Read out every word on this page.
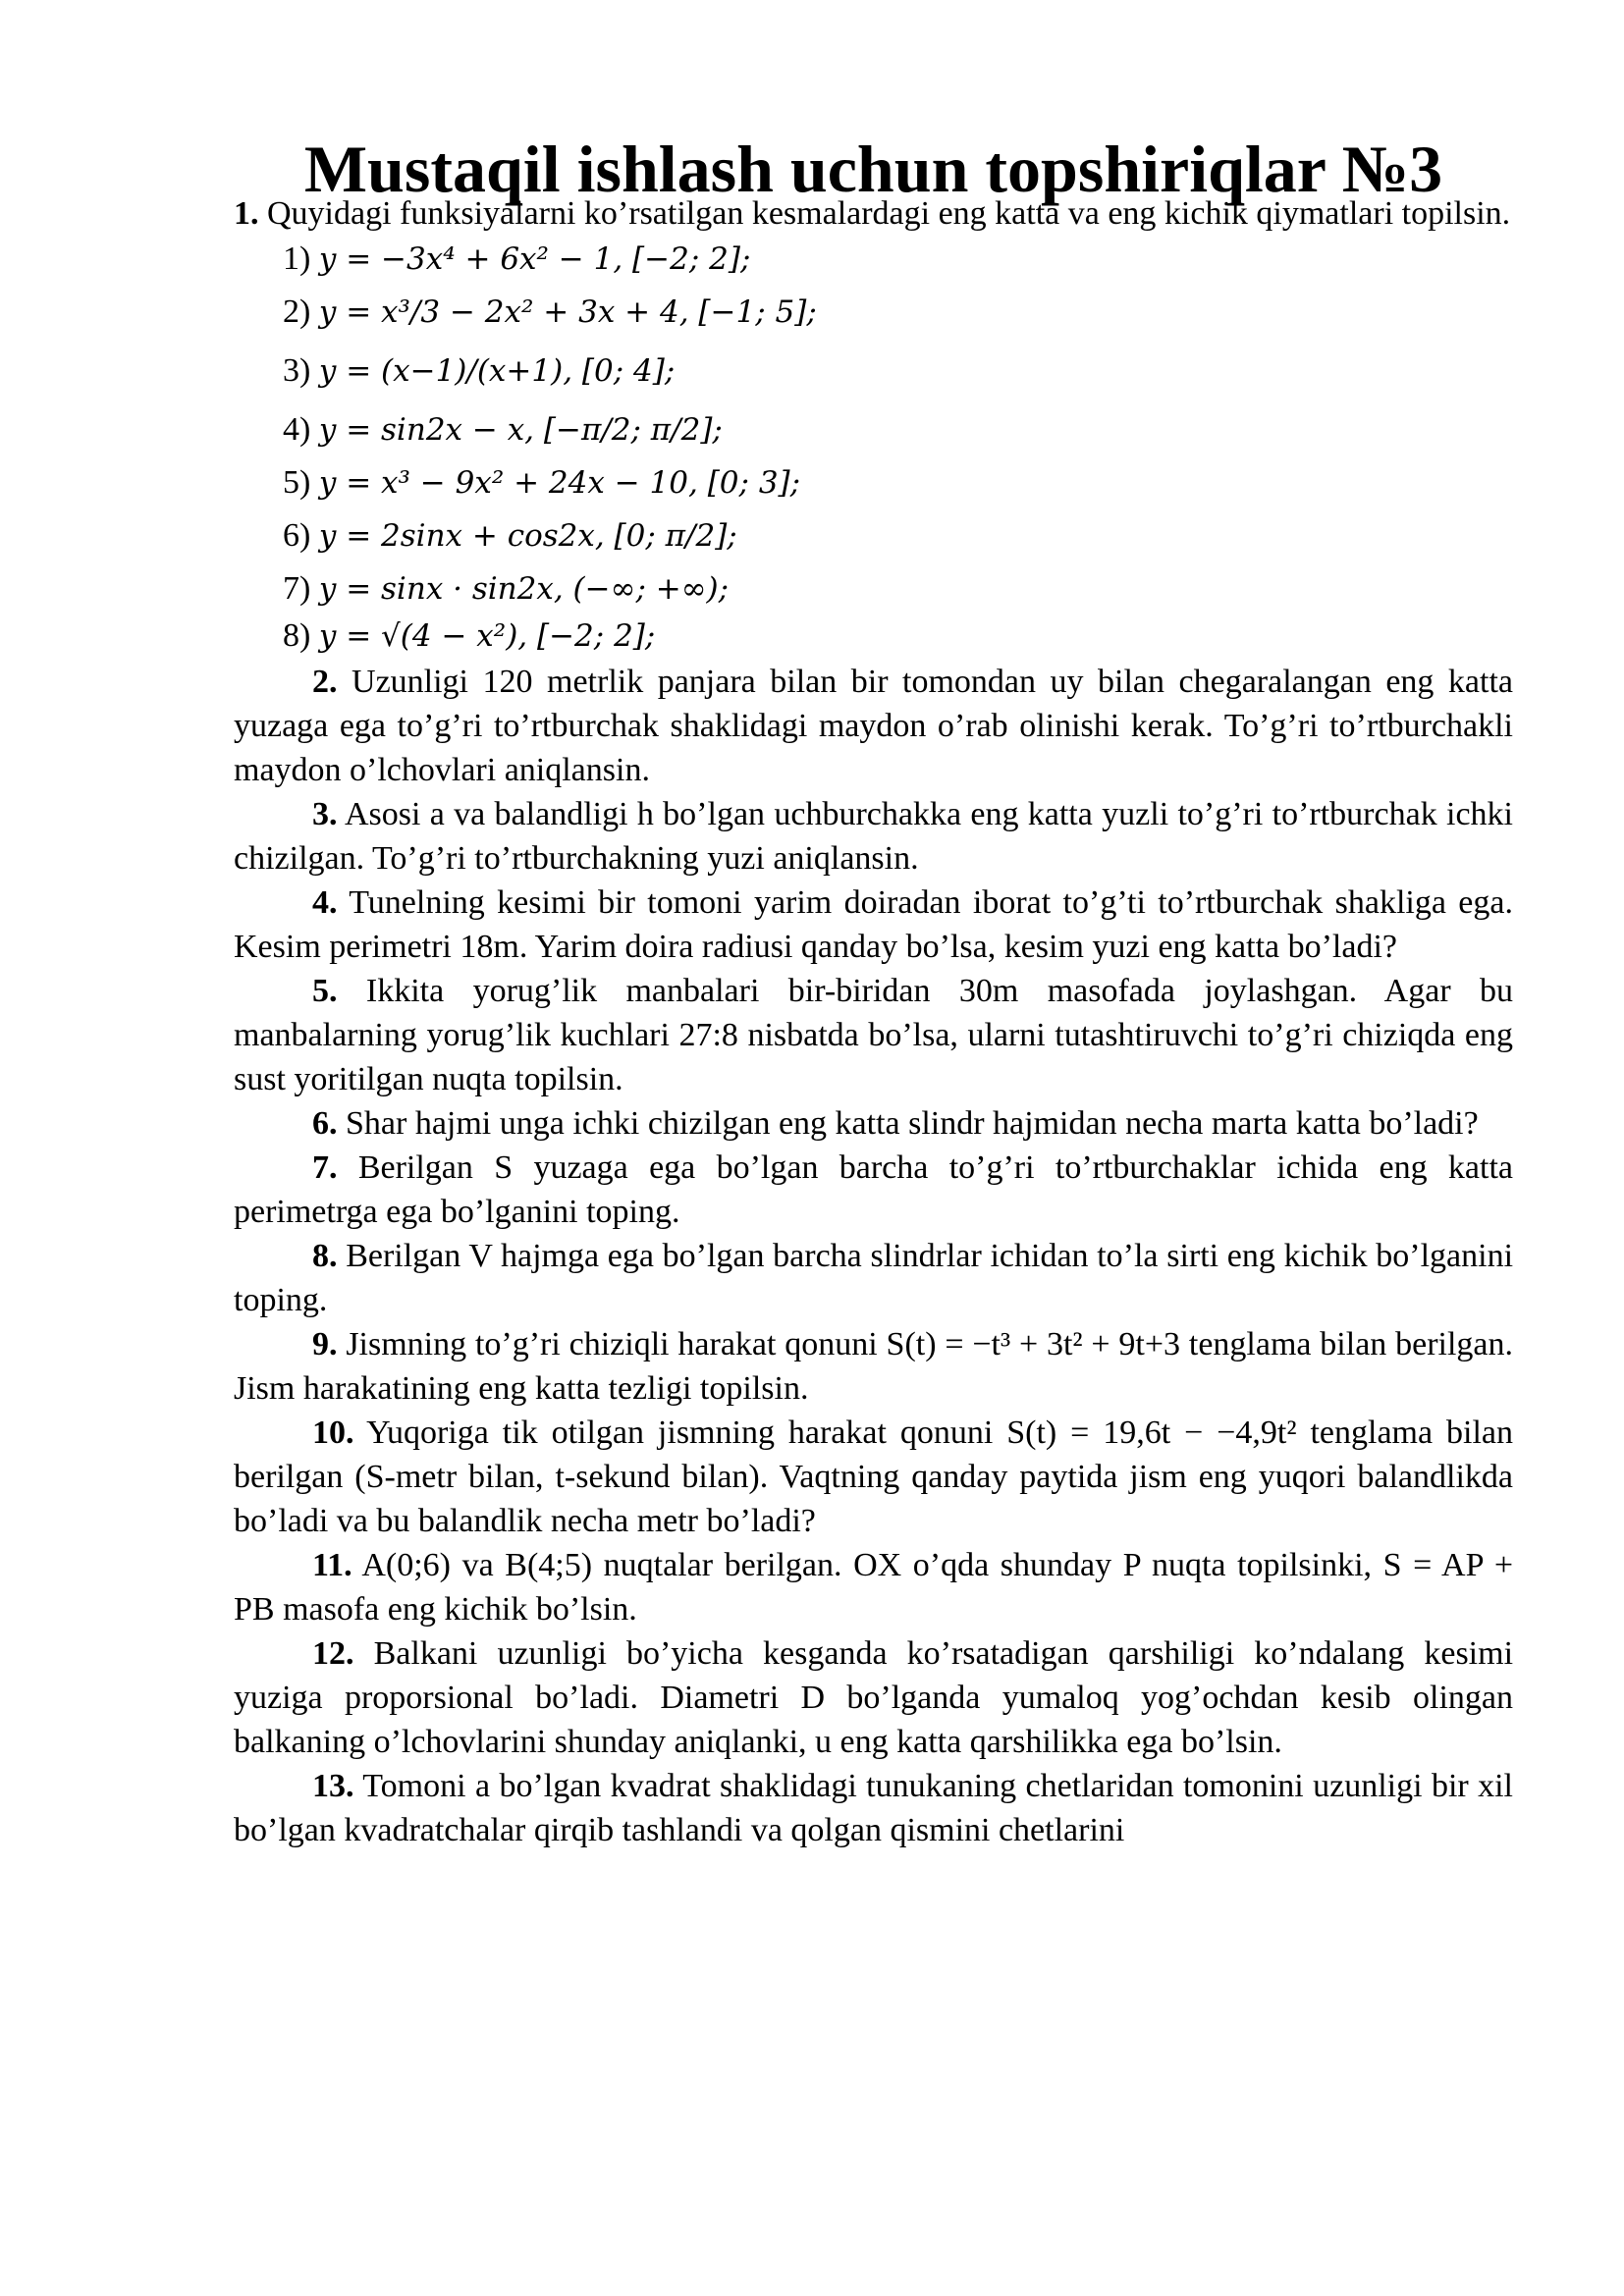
Mustaqil ishlash uchun topshiriqlar №3

1. Quyidagi funksiyalarni ko’rsatilgan kesmalardagi eng katta va eng kichik qiymatlari topilsin.

1) y = −3x⁴ + 6x² − 1, [−2; 2];
2) y = x³/3 − 2x² + 3x + 4, [−1; 5];
3) y = (x−1)/(x+1), [0; 4];
4) y = sin2x − x, [−π/2; π/2];
5) y = x³ − 9x² + 24x − 10, [0; 3];
6) y = 2sinx + cos2x, [0; π/2];
7) y = sinx · sin2x, (−∞; +∞);
8) y = √(4 − x²), [−2; 2];

2. Uzunligi 120 metrlik panjara bilan bir tomondan uy bilan chegaralangan eng katta yuzaga ega to’g’ri to’rtburchak shaklidagi maydon o’rab olinishi kerak. To’g’ri to’rtburchakli maydon o’lchovlari aniqlansin.

3. Asosi a va balandligi h bo’lgan uchburchakka eng katta yuzli to’g’ri to’rtburchak ichki chizilgan. To’g’ri to’rtburchakning yuzi aniqlansin.

4. Tunelning kesimi bir tomoni yarim doiradan iborat to’g’ti to’rtburchak shakliga ega. Kesim perimetri 18m. Yarim doira radiusi qanday bo’lsa, kesim yuzi eng katta bo’ladi?

5. Ikkita yorug’lik manbalari bir-biridan 30m masofada joylashgan. Agar bu manbalarning yorug’lik kuchlari 27:8 nisbatda bo’lsa, ularni tutashtiruvchi to’g’ri chiziqda eng sust yoritilgan nuqta topilsin.

6. Shar hajmi unga ichki chizilgan eng katta slindr hajmidan necha marta katta bo’ladi?

7. Berilgan S yuzaga ega bo’lgan barcha to’g’ri to’rtburchaklar ichida eng katta perimetrga ega bo’lganini toping.

8. Berilgan V hajmga ega bo’lgan barcha slindrlar ichidan to’la sirti eng kichik bo’lganini toping.

9. Jismning to’g’ri chiziqli harakat qonuni S(t) = −t³ + 3t² + 9t+3 tenglama bilan berilgan. Jism harakatining eng katta tezligi topilsin.

10. Yuqoriga tik otilgan jismning harakat qonuni S(t) = 19,6t − −4,9t² tenglama bilan berilgan (S-metr bilan, t-sekund bilan). Vaqtning qanday paytida jism eng yuqori balandlikda bo’ladi va bu balandlik necha metr bo’ladi?

11. A(0;6) va B(4;5) nuqtalar berilgan. OX o’qda shunday P nuqta topilsinki, S = AP + PB masofa eng kichik bo’lsin.

12. Balkani uzunligi bo’yicha kesganda ko’rsatadigan qarshiligi ko’ndalang kesimi yuziga proporsional bo’ladi. Diametri D bo’lganda yumaloq yog’ochdan kesib olingan balkaning o’lchovlarini shunday aniqlanki, u eng katta qarshilikka ega bo’lsin.

13. Tomoni a bo’lgan kvadrat shaklidagi tunukaning chetlaridan tomonini uzunligi bir xil bo’lgan kvadratchalar qirqib tashlandi va qolgan qismini chetlarini
